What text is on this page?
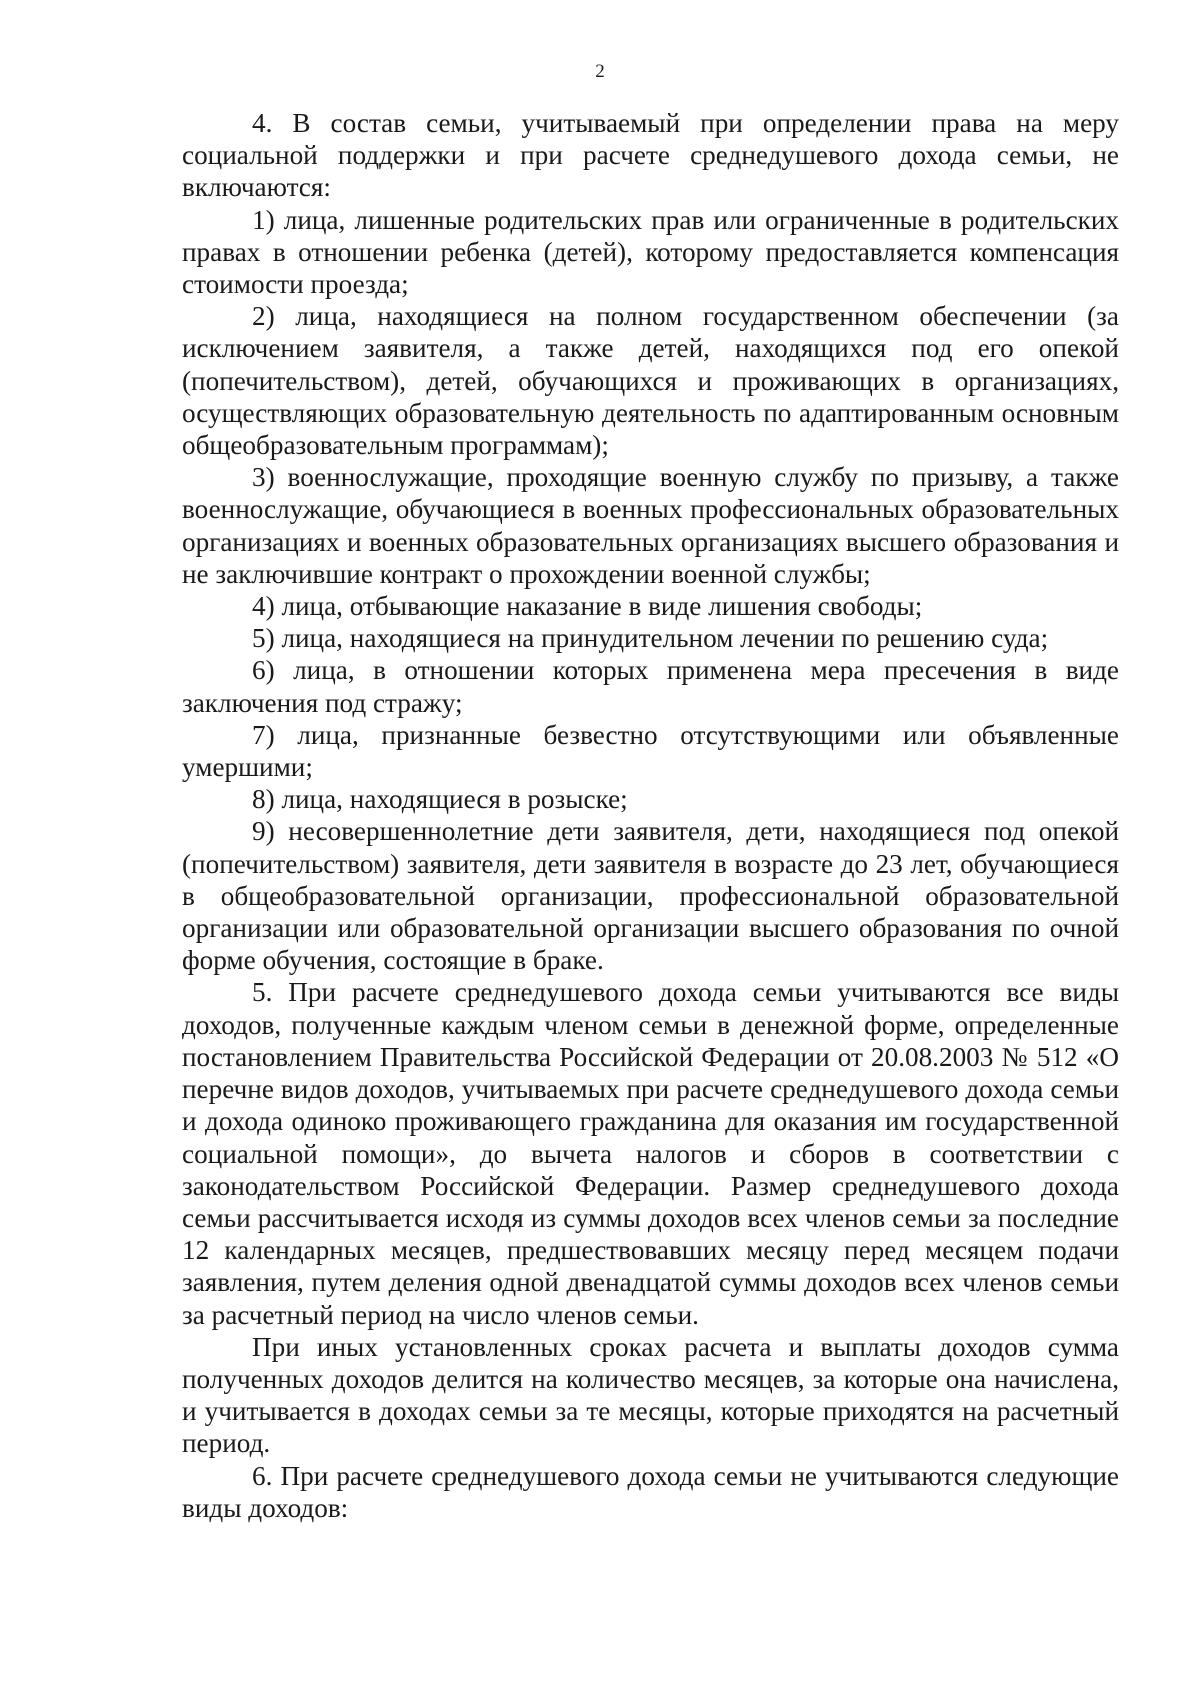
2

4. В состав семьи, учитываемый при определении права на меру социальной поддержки и при расчете среднедушевого дохода семьи, не включаются:

1) лица, лишенные родительских прав или ограниченные в родительских правах в отношении ребенка (детей), которому предоставляется компенсация стоимости проезда;

2) лица, находящиеся на полном государственном обеспечении (за исключением заявителя, а также детей, находящихся под его опекой (попечительством), детей, обучающихся и проживающих в организациях, осуществляющих образовательную деятельность по адаптированным основным общеобразовательным программам);

3) военнослужащие, проходящие военную службу по призыву, а также военнослужащие, обучающиеся в военных профессиональных образовательных организациях и военных образовательных организациях высшего образования и не заключившие контракт о прохождении военной службы;

4) лица, отбывающие наказание в виде лишения свободы;

5) лица, находящиеся на принудительном лечении по решению суда;

6) лица, в отношении которых применена мера пресечения в виде заключения под стражу;

7) лица, признанные безвестно отсутствующими или объявленные умершими;

8) лица, находящиеся в розыске;

9) несовершеннолетние дети заявителя, дети, находящиеся под опекой (попечительством) заявителя, дети заявителя в возрасте до 23 лет, обучающиеся в общеобразовательной организации, профессиональной образовательной организации или образовательной организации высшего образования по очной форме обучения, состоящие в браке.

5. При расчете среднедушевого дохода семьи учитываются все виды доходов, полученные каждым членом семьи в денежной форме, определенные постановлением Правительства Российской Федерации от 20.08.2003 № 512 «О перечне видов доходов, учитываемых при расчете среднедушевого дохода семьи и дохода одиноко проживающего гражданина для оказания им государственной социальной помощи», до вычета налогов и сборов в соответствии с законодательством Российской Федерации. Размер среднедушевого дохода семьи рассчитывается исходя из суммы доходов всех членов семьи за последние 12 календарных месяцев, предшествовавших месяцу перед месяцем подачи заявления, путем деления одной двенадцатой суммы доходов всех членов семьи за расчетный период на число членов семьи.

При иных установленных сроках расчета и выплаты доходов сумма полученных доходов делится на количество месяцев, за которые она начислена, и учитывается в доходах семьи за те месяцы, которые приходятся на расчетный период.

6. При расчете среднедушевого дохода семьи не учитываются следующие виды доходов:
